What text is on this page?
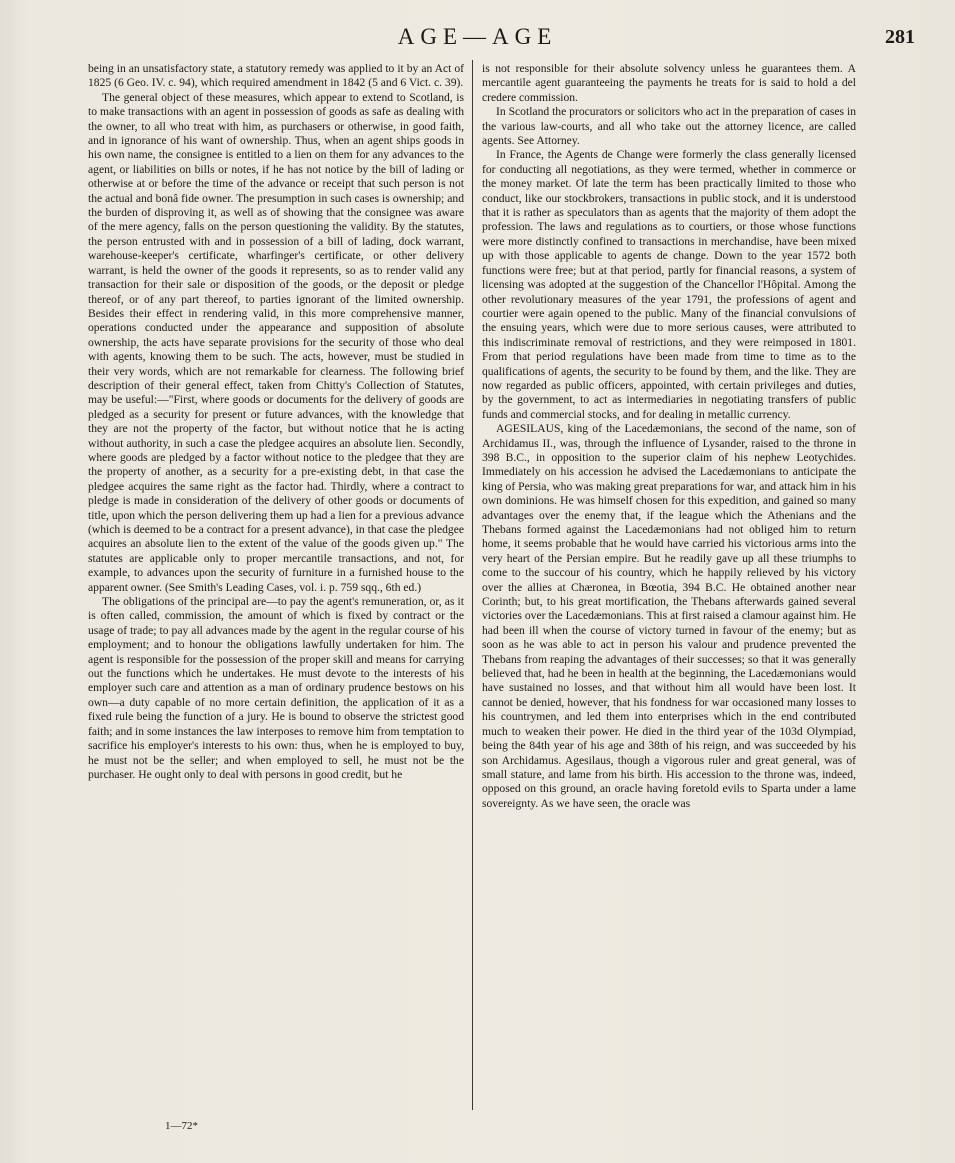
AGE—AGE	281

being in an unsatisfactory state, a statutory remedy was applied to it by an Act of 1825 (6 Geo. IV. c. 94), which required amendment in 1842 (5 and 6 Vict. c. 39).

The general object of these measures, which appear to extend to Scotland, is to make transactions with an agent in possession of goods as safe as dealing with the owner, to all who treat with him, as purchasers or otherwise, in good faith, and in ignorance of his want of ownership. Thus, when an agent ships goods in his own name, the consignee is entitled to a lien on them for any advances to the agent, or liabilities on bills or notes, if he has not notice by the bill of lading or otherwise at or before the time of the advance or receipt that such person is not the actual and bonâ fide owner. The presumption in such cases is ownership; and the burden of disproving it, as well as of showing that the consignee was aware of the mere agency, falls on the person questioning the validity. By the statutes, the person entrusted with and in possession of a bill of lading, dock warrant, warehouse-keeper's certificate, wharfinger's certificate, or other delivery warrant, is held the owner of the goods it represents, so as to render valid any transaction for their sale or disposition of the goods, or the deposit or pledge thereof, or of any part thereof, to parties ignorant of the limited ownership. Besides their effect in rendering valid, in this more comprehensive manner, operations conducted under the appearance and supposition of absolute ownership, the acts have separate provisions for the security of those who deal with agents, knowing them to be such. The acts, however, must be studied in their very words, which are not remarkable for clearness. The following brief description of their general effect, taken from Chitty's Collection of Statutes, may be useful:—"First, where goods or documents for the delivery of goods are pledged as a security for present or future advances, with the knowledge that they are not the property of the factor, but without notice that he is acting without authority, in such a case the pledgee acquires an absolute lien. Secondly, where goods are pledged by a factor without notice to the pledgee that they are the property of another, as a security for a pre-existing debt, in that case the pledgee acquires the same right as the factor had. Thirdly, where a contract to pledge is made in consideration of the delivery of other goods or documents of title, upon which the person delivering them up had a lien for a previous advance (which is deemed to be a contract for a present advance), in that case the pledgee acquires an absolute lien to the extent of the value of the goods given up." The statutes are applicable only to proper mercantile transactions, and not, for example, to advances upon the security of furniture in a furnished house to the apparent owner. (See Smith's Leading Cases, vol. i. p. 759 sqq., 6th ed.)

The obligations of the principal are—to pay the agent's remuneration, or, as it is often called, commission, the amount of which is fixed by contract or the usage of trade; to pay all advances made by the agent in the regular course of his employment; and to honour the obligations lawfully undertaken for him. The agent is responsible for the possession of the proper skill and means for carrying out the functions which he undertakes. He must devote to the interests of his employer such care and attention as a man of ordinary prudence bestows on his own—a duty capable of no more certain definition, the application of it as a fixed rule being the function of a jury. He is bound to observe the strictest good faith; and in some instances the law interposes to remove him from temptation to sacrifice his employer's interests to his own: thus, when he is employed to buy, he must not be the seller; and when employed to sell, he must not be the purchaser. He ought only to deal with persons in good credit, but he

is not responsible for their absolute solvency unless he guarantees them. A mercantile agent guaranteeing the payments he treats for is said to hold a del credere commission.

In Scotland the procurators or solicitors who act in the preparation of cases in the various law-courts, and all who take out the attorney licence, are called agents. See Attorney.

In France, the Agents de Change were formerly the class generally licensed for conducting all negotiations, as they were termed, whether in commerce or the money market. Of late the term has been practically limited to those who conduct, like our stockbrokers, transactions in public stock, and it is understood that it is rather as speculators than as agents that the majority of them adopt the profession. The laws and regulations as to courtiers, or those whose functions were more distinctly confined to transactions in merchandise, have been mixed up with those applicable to agents de change. Down to the year 1572 both functions were free; but at that period, partly for financial reasons, a system of licensing was adopted at the suggestion of the Chancellor l'Hôpital. Among the other revolutionary measures of the year 1791, the professions of agent and courtier were again opened to the public. Many of the financial convulsions of the ensuing years, which were due to more serious causes, were attributed to this indiscriminate removal of restrictions, and they were reimposed in 1801. From that period regulations have been made from time to time as to the qualifications of agents, the security to be found by them, and the like. They are now regarded as public officers, appointed, with certain privileges and duties, by the government, to act as intermediaries in negotiating transfers of public funds and commercial stocks, and for dealing in metallic currency.

AGESILAUS, king of the Lacedæmonians, the second of the name, son of Archidamus II., was, through the influence of Lysander, raised to the throne in 398 B.C., in opposition to the superior claim of his nephew Leotychides. Immediately on his accession he advised the Lacedæmonians to anticipate the king of Persia, who was making great preparations for war, and attack him in his own dominions. He was himself chosen for this expedition, and gained so many advantages over the enemy that, if the league which the Athenians and the Thebans formed against the Lacedæmonians had not obliged him to return home, it seems probable that he would have carried his victorious arms into the very heart of the Persian empire. But he readily gave up all these triumphs to come to the succour of his country, which he happily relieved by his victory over the allies at Chæronea, in Bœotia, 394 B.C. He obtained another near Corinth; but, to his great mortification, the Thebans afterwards gained several victories over the Lacedæmonians. This at first raised a clamour against him. He had been ill when the course of victory turned in favour of the enemy; but as soon as he was able to act in person his valour and prudence prevented the Thebans from reaping the advantages of their successes; so that it was generally believed that, had he been in health at the beginning, the Lacedæmonians would have sustained no losses, and that without him all would have been lost. It cannot be denied, however, that his fondness for war occasioned many losses to his countrymen, and led them into enterprises which in the end contributed much to weaken their power. He died in the third year of the 103d Olympiad, being the 84th year of his age and 38th of his reign, and was succeeded by his son Archidamus. Agesilaus, though a vigorous ruler and great general, was of small stature, and lame from his birth. His accession to the throne was, indeed, opposed on this ground, an oracle having foretold evils to Sparta under a lame sovereignty. As we have seen, the oracle was

1—72*
